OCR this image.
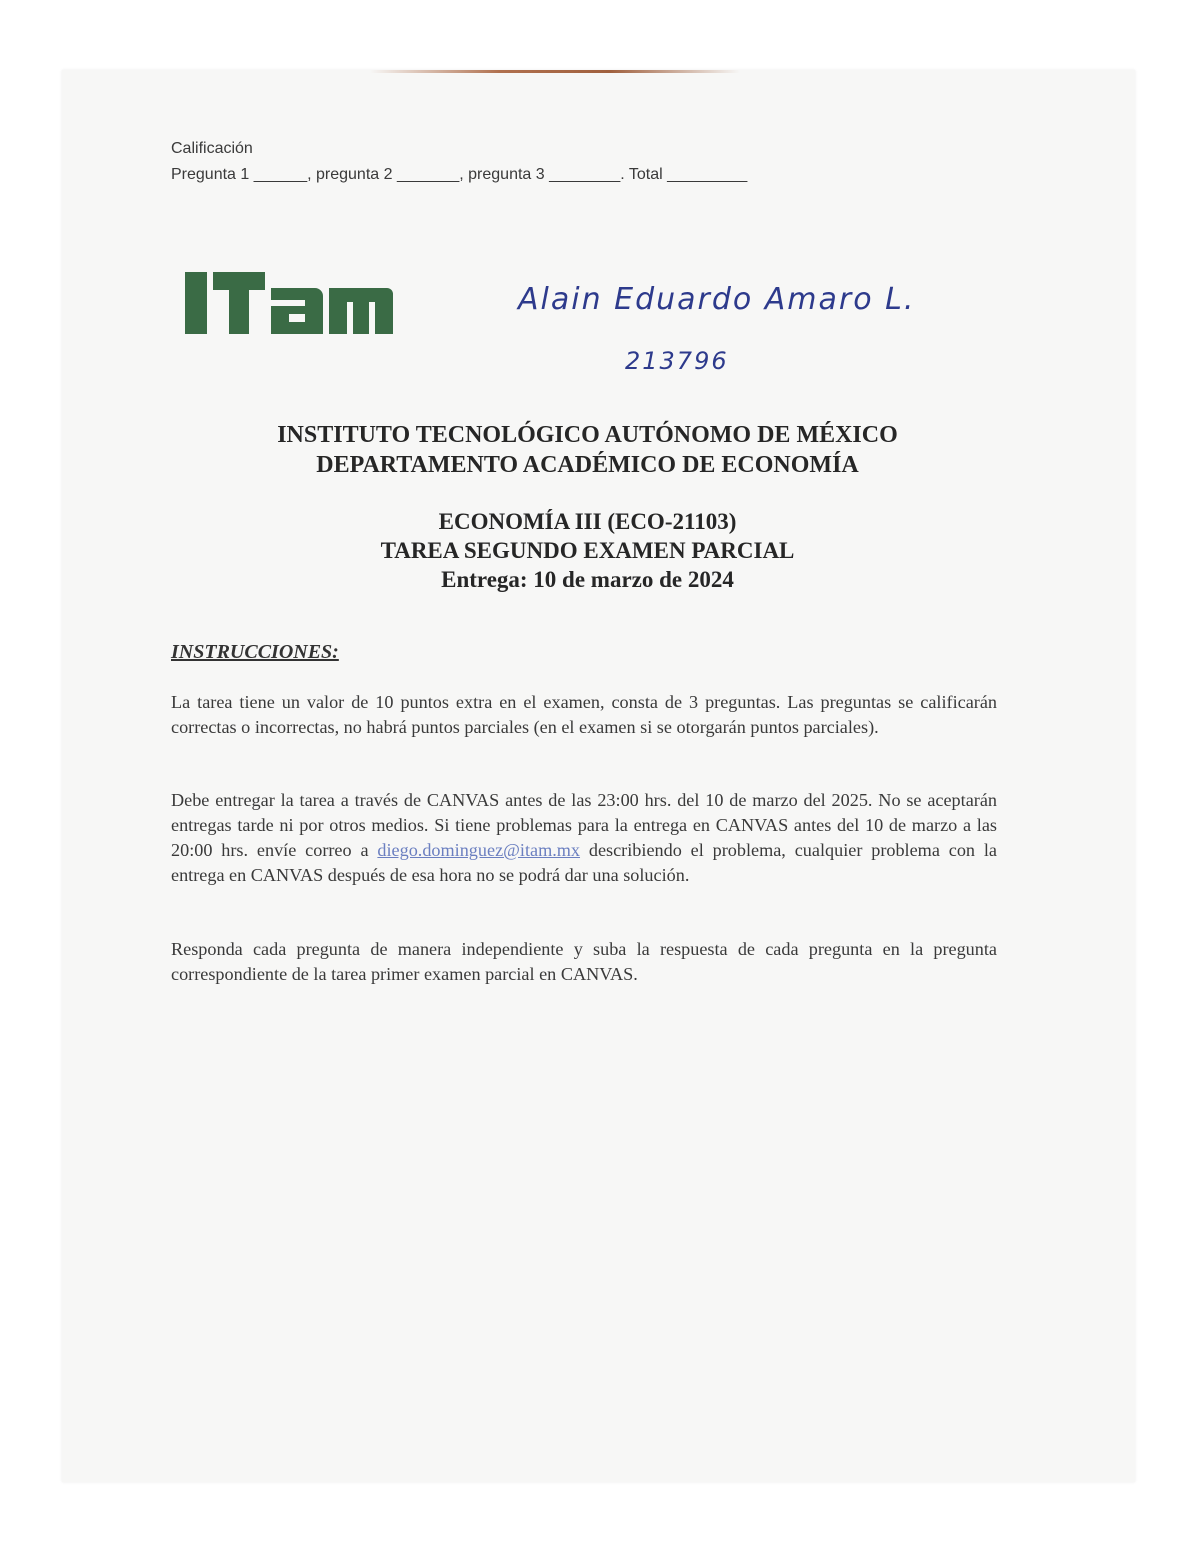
Calificación
Pregunta 1 ______, pregunta 2 _______, pregunta 3 ________. Total _________
Alain Eduardo Amaro L.
213796
INSTITUTO TECNOLÓGICO AUTÓNOMO DE MÉXICO
DEPARTAMENTO ACADÉMICO DE ECONOMÍA
ECONOMÍA III (ECO-21103)
TAREA SEGUNDO EXAMEN PARCIAL
Entrega: 10 de marzo de 2024
INSTRUCCIONES:
La tarea tiene un valor de 10 puntos extra en el examen, consta de 3 preguntas. Las preguntas se calificarán correctas o incorrectas, no habrá puntos parciales (en el examen si se otorgarán puntos parciales).
Debe entregar la tarea a través de CANVAS antes de las 23:00 hrs. del 10 de marzo del 2025. No se aceptarán entregas tarde ni por otros medios. Si tiene problemas para la entrega en CANVAS antes del 10 de marzo a las 20:00 hrs. envíe correo a diego.dominguez@itam.mx describiendo el problema, cualquier problema con la entrega en CANVAS después de esa hora no se podrá dar una solución.
Responda cada pregunta de manera independiente y suba la respuesta de cada pregunta en la pregunta correspondiente de la tarea primer examen parcial en CANVAS.
